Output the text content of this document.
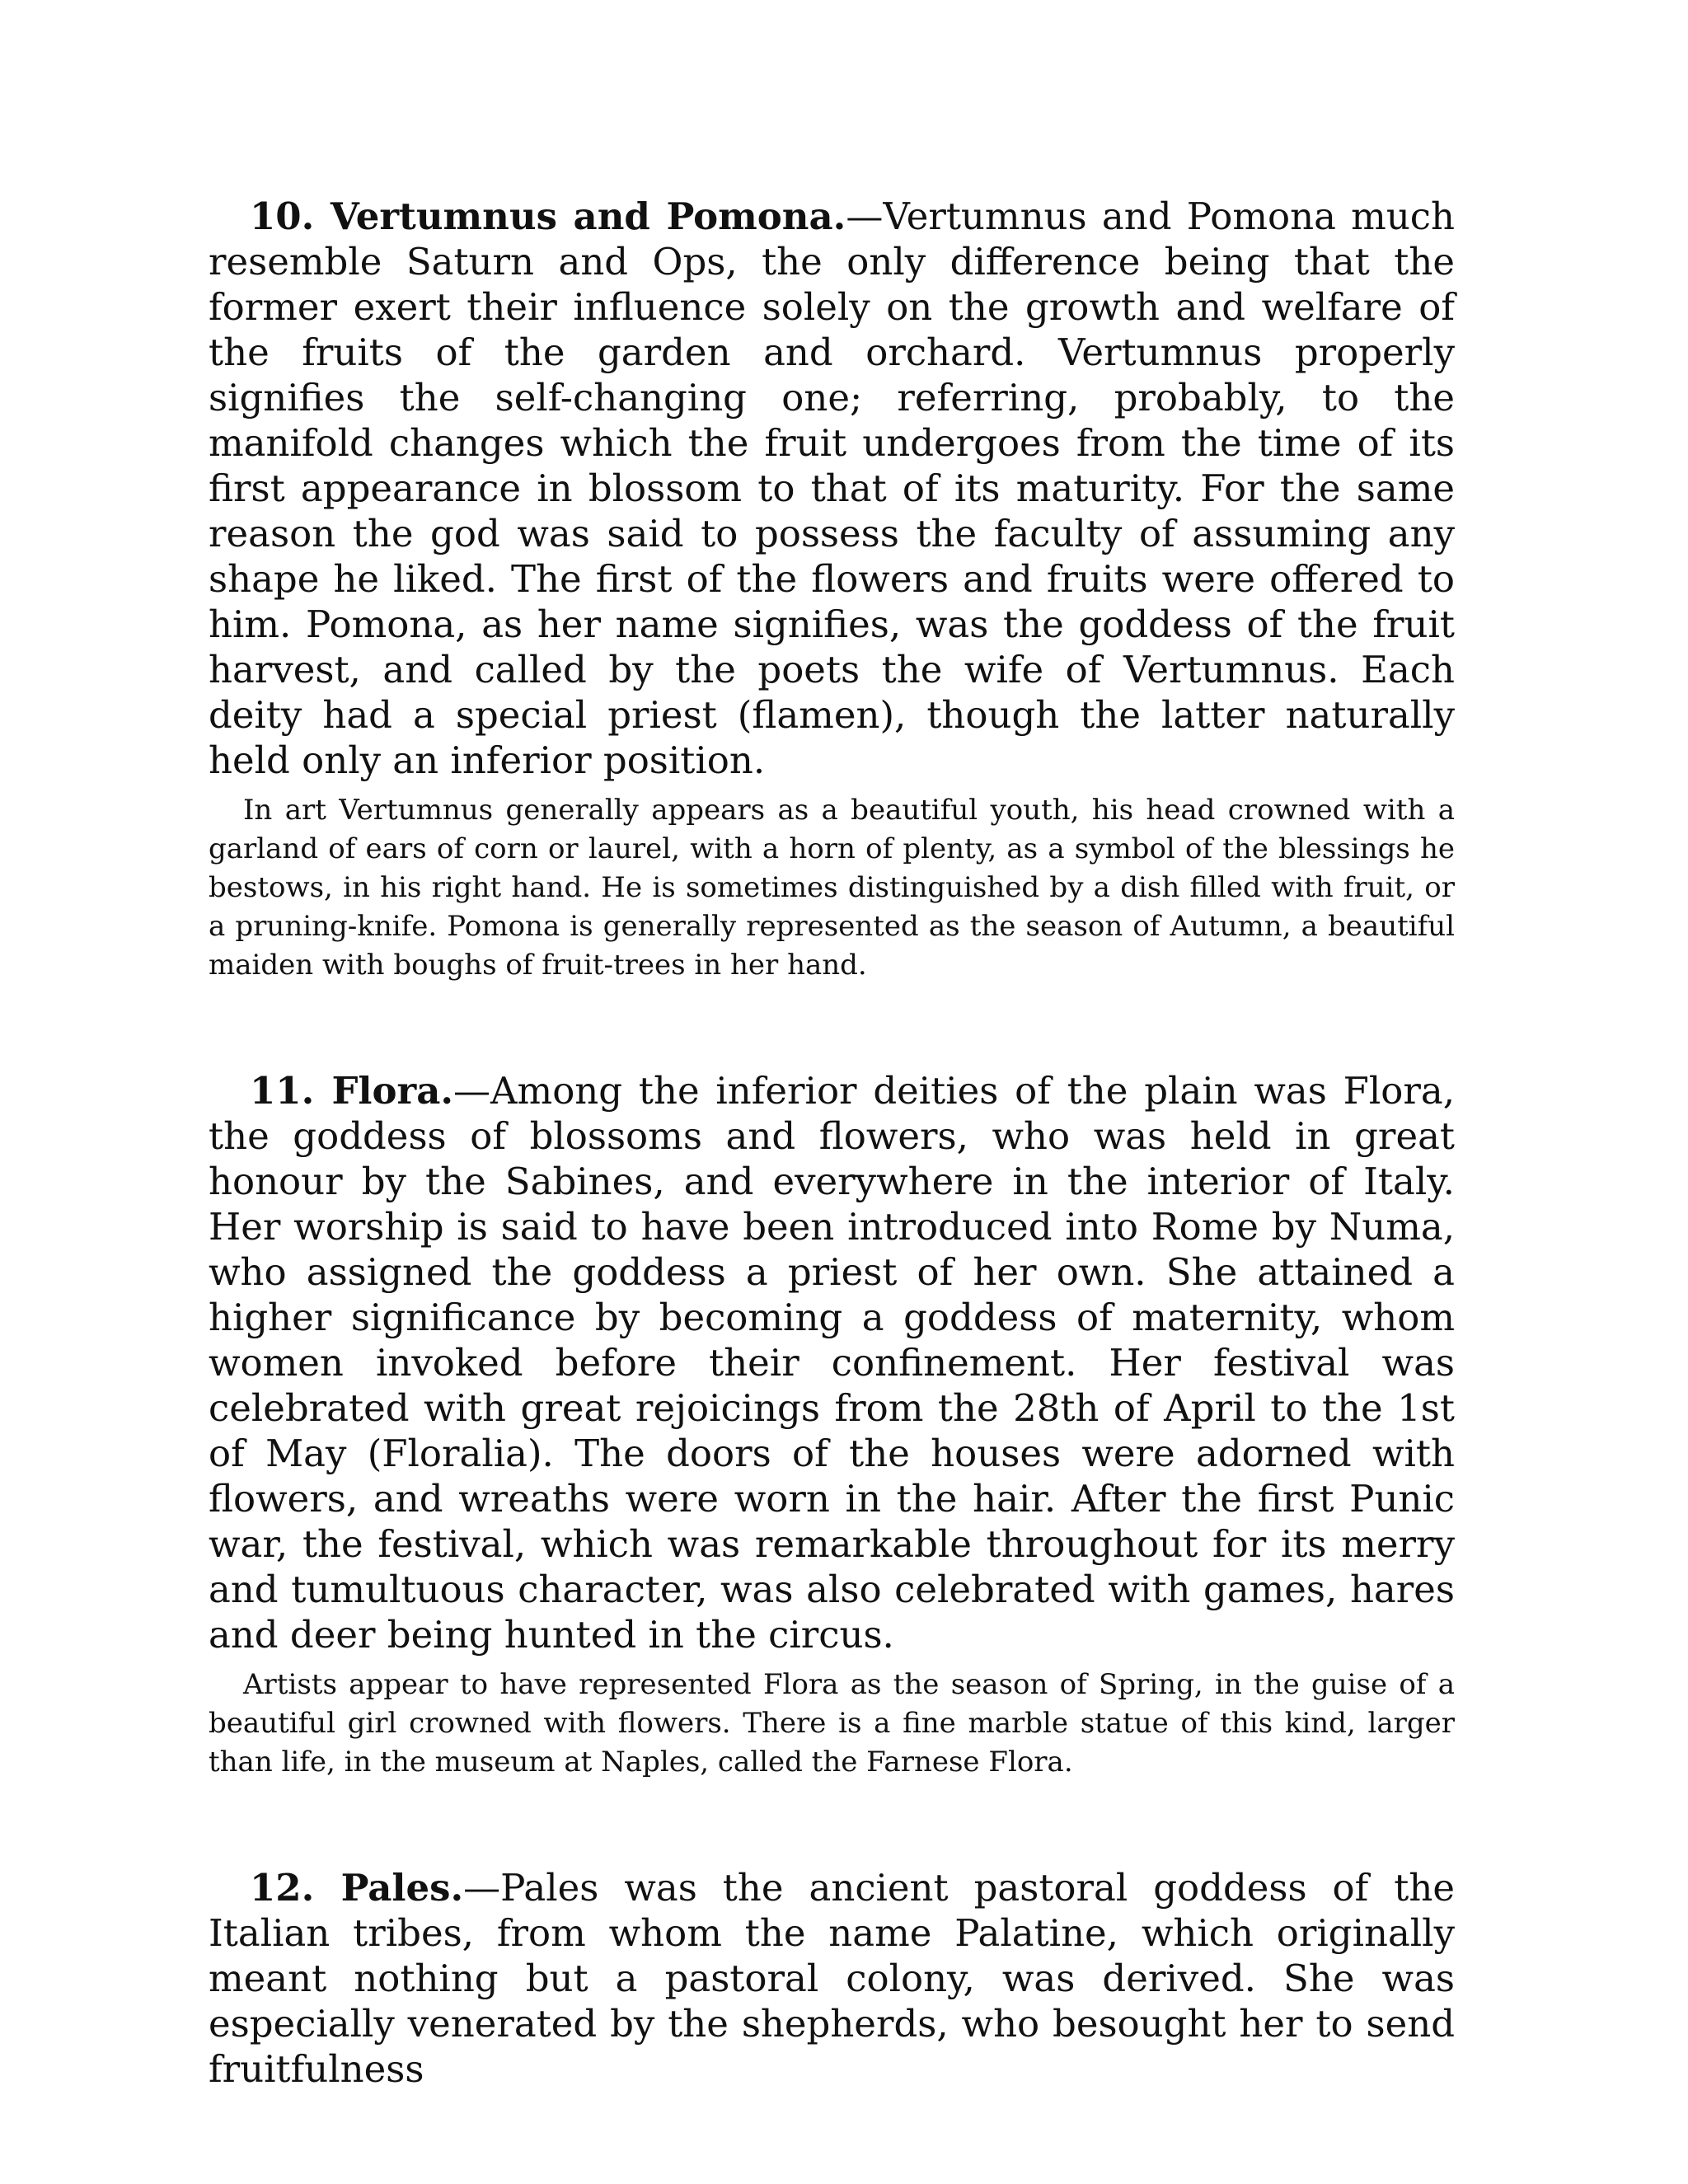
10. Vertumnus and Pomona.—Vertumnus and Pomona much resemble Saturn and Ops, the only difference being that the former exert their influence solely on the growth and welfare of the fruits of the garden and orchard. Vertumnus properly signifies the self-changing one; referring, probably, to the manifold changes which the fruit undergoes from the time of its first appearance in blossom to that of its maturity. For the same reason the god was said to possess the faculty of assuming any shape he liked. The first of the flowers and fruits were offered to him. Pomona, as her name signifies, was the goddess of the fruit harvest, and called by the poets the wife of Vertumnus. Each deity had a special priest (flamen), though the latter naturally held only an inferior position.

In art Vertumnus generally appears as a beautiful youth, his head crowned with a garland of ears of corn or laurel, with a horn of plenty, as a symbol of the blessings he bestows, in his right hand. He is sometimes distinguished by a dish filled with fruit, or a pruning-knife. Pomona is generally represented as the season of Autumn, a beautiful maiden with boughs of fruit-trees in her hand.

11. Flora.—Among the inferior deities of the plain was Flora, the goddess of blossoms and flowers, who was held in great honour by the Sabines, and everywhere in the interior of Italy. Her worship is said to have been introduced into Rome by Numa, who assigned the goddess a priest of her own. She attained a higher significance by becoming a goddess of maternity, whom women invoked before their confinement. Her festival was celebrated with great rejoicings from the 28th of April to the 1st of May (Floralia). The doors of the houses were adorned with flowers, and wreaths were worn in the hair. After the first Punic war, the festival, which was remarkable throughout for its merry and tumultuous character, was also celebrated with games, hares and deer being hunted in the circus.

Artists appear to have represented Flora as the season of Spring, in the guise of a beautiful girl crowned with flowers. There is a fine marble statue of this kind, larger than life, in the museum at Naples, called the Farnese Flora.

12. Pales.—Pales was the ancient pastoral goddess of the Italian tribes, from whom the name Palatine, which originally meant nothing but a pastoral colony, was derived. She was especially venerated by the shepherds, who besought her to send fruitfulness
